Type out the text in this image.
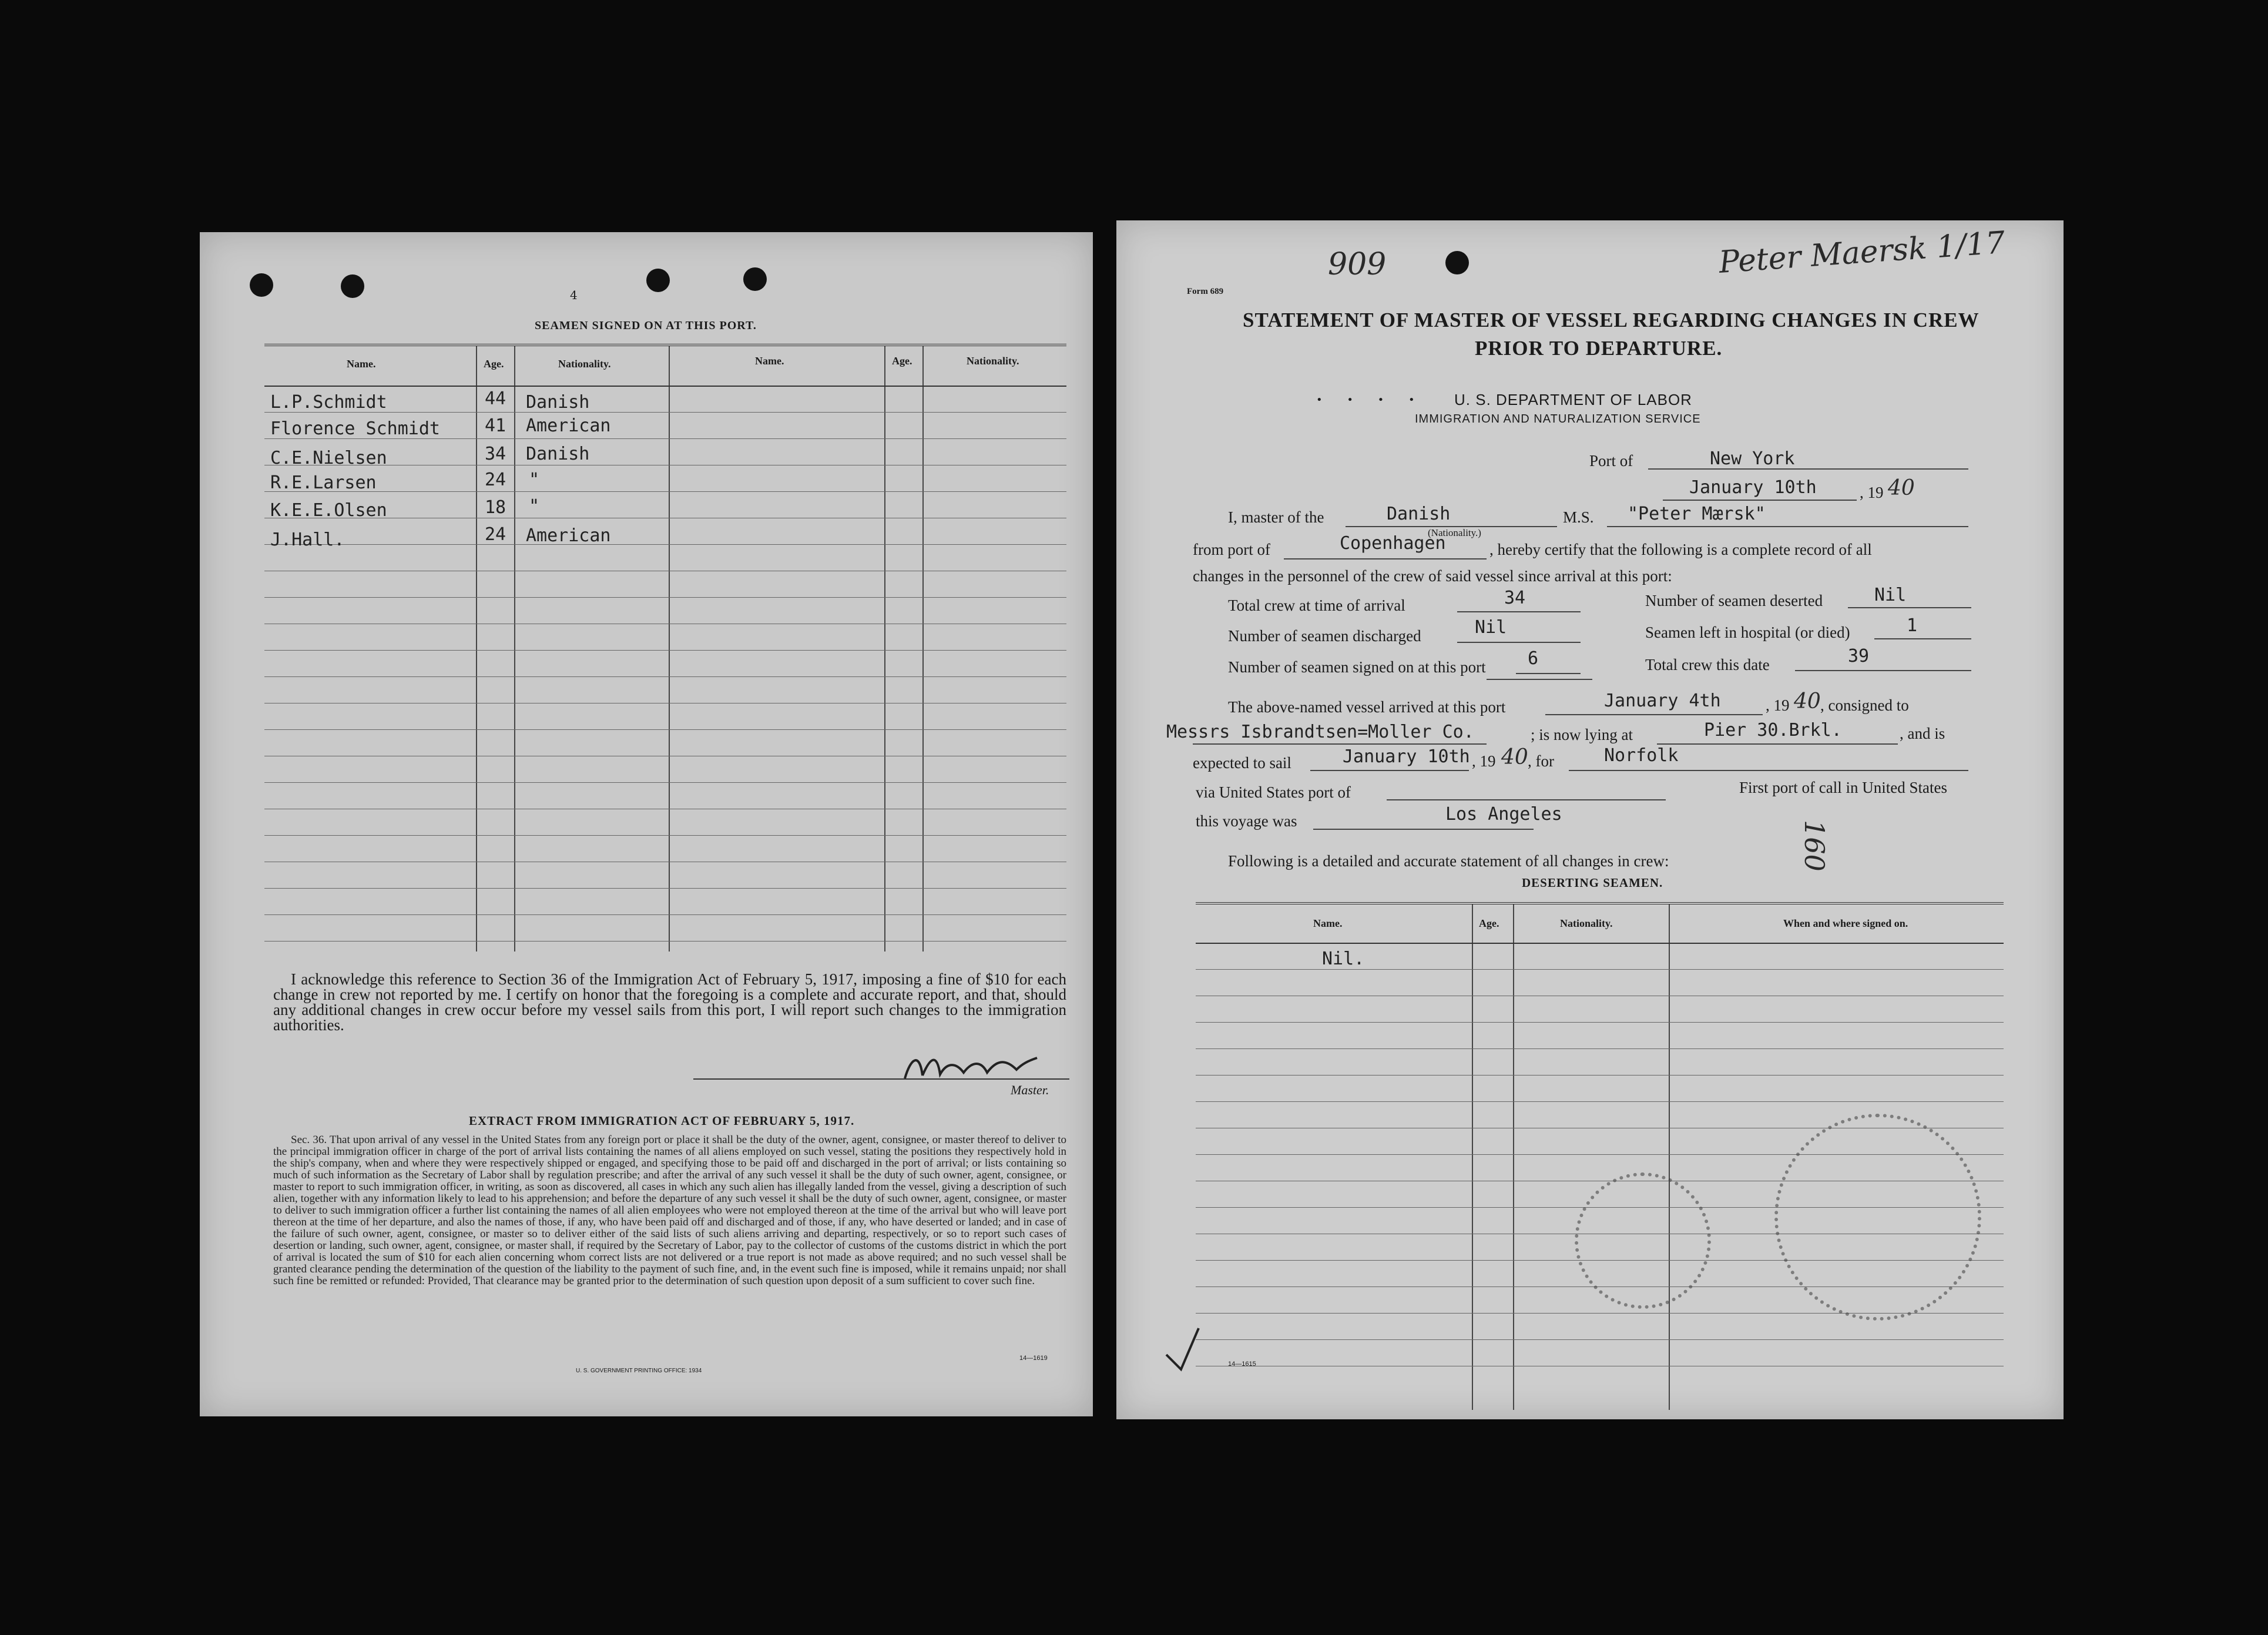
4
SEAMEN SIGNED ON AT THIS PORT.
Name.	Age.	Nationality.	Name.	Age.	Nationality.
L.P.Schmidt	44 Danish
Florence Schmidt	41 American
C.E.Nielsen	34 Danish
R.E.Larsen	24 "
K.E.E.Olsen	18 "
J.Hall.	24 American
I acknowledge this reference to Section 36 of the Immigration Act of February 5, 1917, imposing a fine of $10 for each change in crew not reported by me. I certify on honor that the foregoing is a complete and accurate report, and that, should any additional changes in crew occur before my vessel sails from this port, I will report such changes to the immigration authorities.
Master.
EXTRACT FROM IMMIGRATION ACT OF FEBRUARY 5, 1917.
Sec. 36. That upon arrival of any vessel in the United States from any foreign port or place it shall be the duty of the owner, agent, consignee, or master thereof to deliver to the principal immigration officer in charge of the port of arrival lists containing the names of all aliens employed on such vessel, stating the positions they respectively hold in the ship's company, when and where they were respectively shipped or engaged, and specifying those to be paid off and discharged in the port of arrival; or lists containing so much of such information as the Secretary of Labor shall by regulation prescribe; and after the arrival of any such vessel it shall be the duty of such owner, agent, consignee, or master to report to such immigration officer, in writing, as soon as discovered, all cases in which any such alien has illegally landed from the vessel, giving a description of such alien, together with any information likely to lead to his apprehension; and before the departure of any such vessel it shall be the duty of such owner, agent, consignee, or master to deliver to such immigration officer a further list containing the names of all alien employees who were not employed thereon at the time of the arrival but who will leave port thereon at the time of her departure, and also the names of those, if any, who have been paid off and discharged and of those, if any, who have deserted or landed; and in case of the failure of such owner, agent, consignee, or master so to deliver either of the said lists of such aliens arriving and departing, respectively, or so to report such cases of desertion or landing, such owner, agent, consignee, or master shall, if required by the Secretary of Labor, pay to the collector of customs of the customs district in which the port of arrival is located the sum of $10 for each alien concerning whom correct lists are not delivered or a true report is not made as above required; and no such vessel shall be granted clearance pending the determination of the question of the liability to the payment of such fine, and, in the event such fine is imposed, while it remains unpaid; nor shall such fine be remitted or refunded: Provided, That clearance may be granted prior to the determination of such question upon deposit of a sum sufficient to cover such fine.
U. S. GOVERNMENT PRINTING OFFICE: 1934
14—1619
909	Peter Maersk 1/17
Form 689
STATEMENT OF MASTER OF VESSEL REGARDING CHANGES IN CREW
PRIOR TO DEPARTURE.
• • • • U. S. DEPARTMENT OF LABOR
IMMIGRATION AND NATURALIZATION SERVICE
Port of	New York
January 10th	, 19 40
I, master of the	Danish	M.S. "Peter Mærsk"
(Nationality.)
from port of	Copenhagen	, hereby certify that the following is a complete record of all
changes in the personnel of the crew of said vessel since arrival at this port:
Total crew at time of arrival	34	Number of seamen deserted	Nil
Number of seamen discharged	Nil	Seamen left in hospital (or died)	1
Number of seamen signed on at this port 6	Total crew this date	39
The above-named vessel arrived at this port	January 4th	, 19 40 , consigned to
Messrs Isbrandtsen=Moller Co.	; is now lying at	Pier 30.Brkl.	, and is
expected to sail	January 10th , 19 40 , for	Norfolk
via United States port of	First port of call in United States
this voyage was	Los Angeles
160
Following is a detailed and accurate statement of all changes in crew:
DESERTING SEAMEN.
Name.	Age.	Nationality.	When and where signed on.
Nil.
14—1615
